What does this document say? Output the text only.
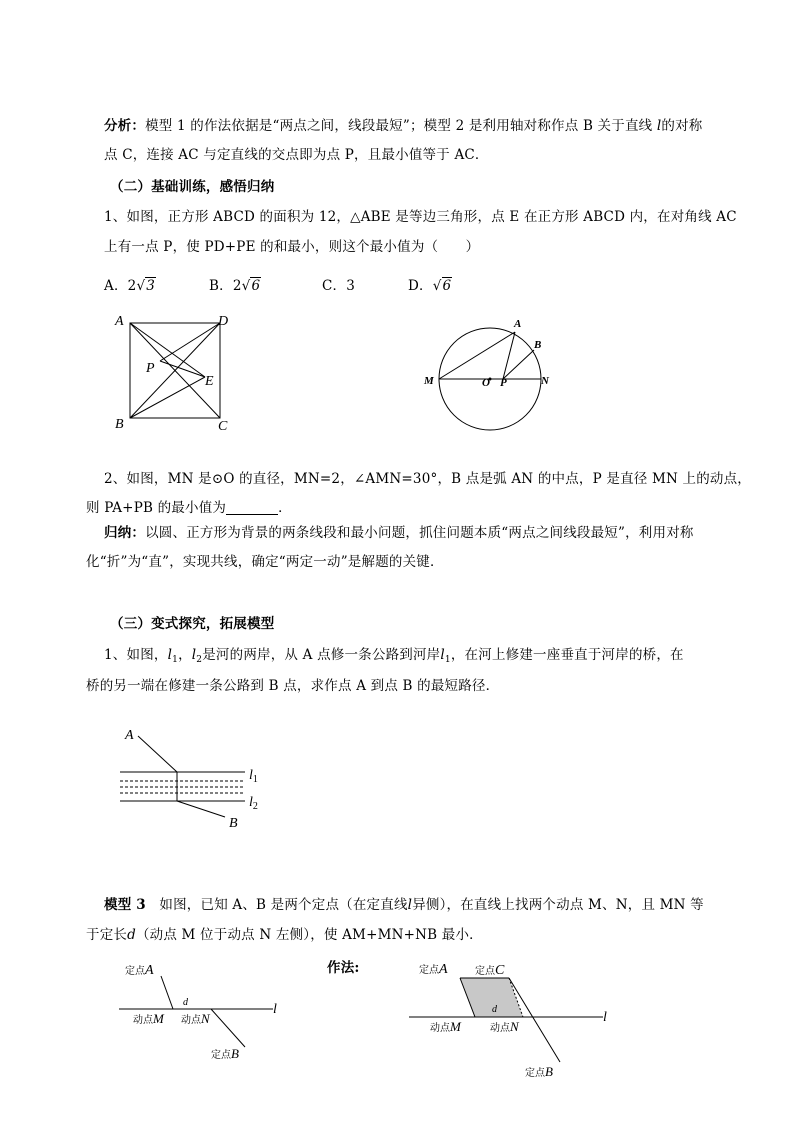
分析：模型 1 的作法依据是“两点之间，线段最短”；模型 2 是利用轴对称作点 B 关于直线 l的对称
点 C，连接 AC 与定直线的交点即为点 P，且最小值等于 AC．
（二）基础训练，感悟归纳
1、如图，正方形 ABCD 的面积为 12，△ABE 是等边三角形，点 E 在正方形 ABCD 内，在对角线 AC
上有一点 P，使 PD+PE 的和最小，则这个最小值为（　　）
A．2√3	B．2√6	C．3	D．√6
A	D
P
E
B	C
A
B
M	O P	N
2、如图，MN 是⊙O 的直径，MN=2，∠AMN=30°，B 点是弧 AN 的中点，P 是直径 MN 上的动点，
则 PA+PB 的最小值为	．
归纳：以圆、正方形为背景的两条线段和最小问题，抓住问题本质“两点之间线段最短”，利用对称
化“折”为“直”，实现共线，确定“两定一动”是解题的关键．
（三）变式探究，拓展模型
1、如图，$l_1$，$l_2$是河的两岸，从 A 点修一条公路到河岸$l_1$，在河上修建一座垂直于河岸的桥，在
桥的另一端在修建一条公路到 B 点，求作点 A 到点 B 的最短路径．
A
B
$l_1$
$l_2$
模型 3 如图，已知 A、B 是两个定点（在定直线l异侧），在直线上找两个动点 M、N，且 MN 等
于定长d（动点 M 位于动点 N 左侧），使 AM+MN+NB 最小．
定点A
d	l
动点M 动点N
定点B
作法:	定点A	定点C
d
l
动点M	动点N
定点B
